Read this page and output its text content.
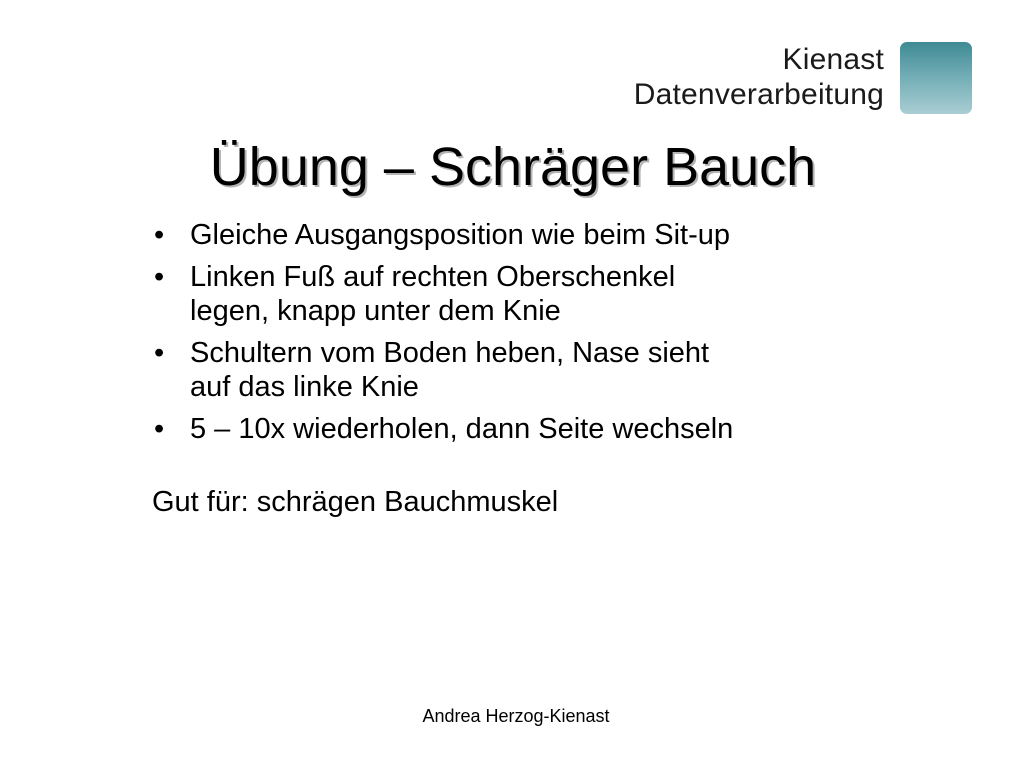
Kienast
Datenverarbeitung
Übung – Schräger Bauch
• Gleiche Ausgangsposition wie beim Sit-up
• Linken Fuß auf rechten Oberschenkel
legen, knapp unter dem Knie
• Schultern vom Boden heben, Nase sieht
auf das linke Knie
• 5 – 10x wiederholen, dann Seite wechseln

Gut für: schrägen Bauchmuskel

Andrea Herzog-Kienast
